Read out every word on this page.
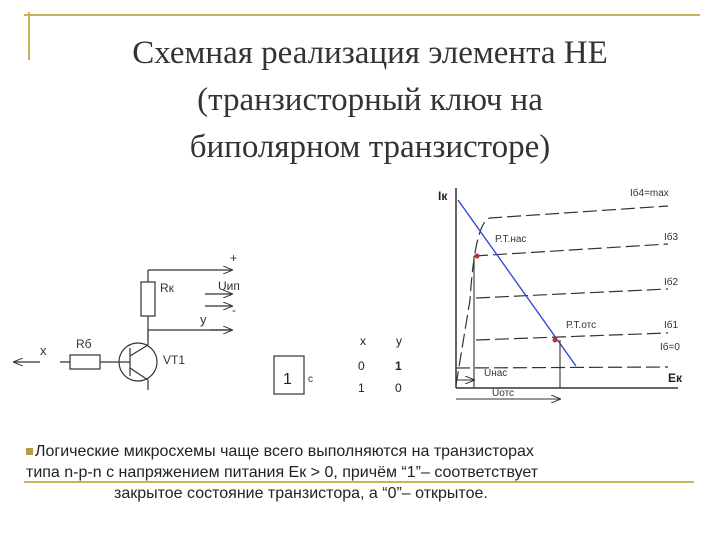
Схемная реализация элемента НЕ
(транзисторный ключ на
биполярном транзисторе)
Rк
+
Uип
-
y
Rб
x
VT1
1 с
x	y
0	1
1	0
Iк
Eк
Р.Т.нас
Р.Т.отс
Iб4=max
Iб3
Iб2
Iб1
Iб=0
Uнас
Uотс
Логические микросхемы чаще всего выполняются на транзисторах
типа n-p-n с напряжением питания Ек > 0, причём “1”– соответствует
закрытое состояние транзистора, а “0”– открытое.
